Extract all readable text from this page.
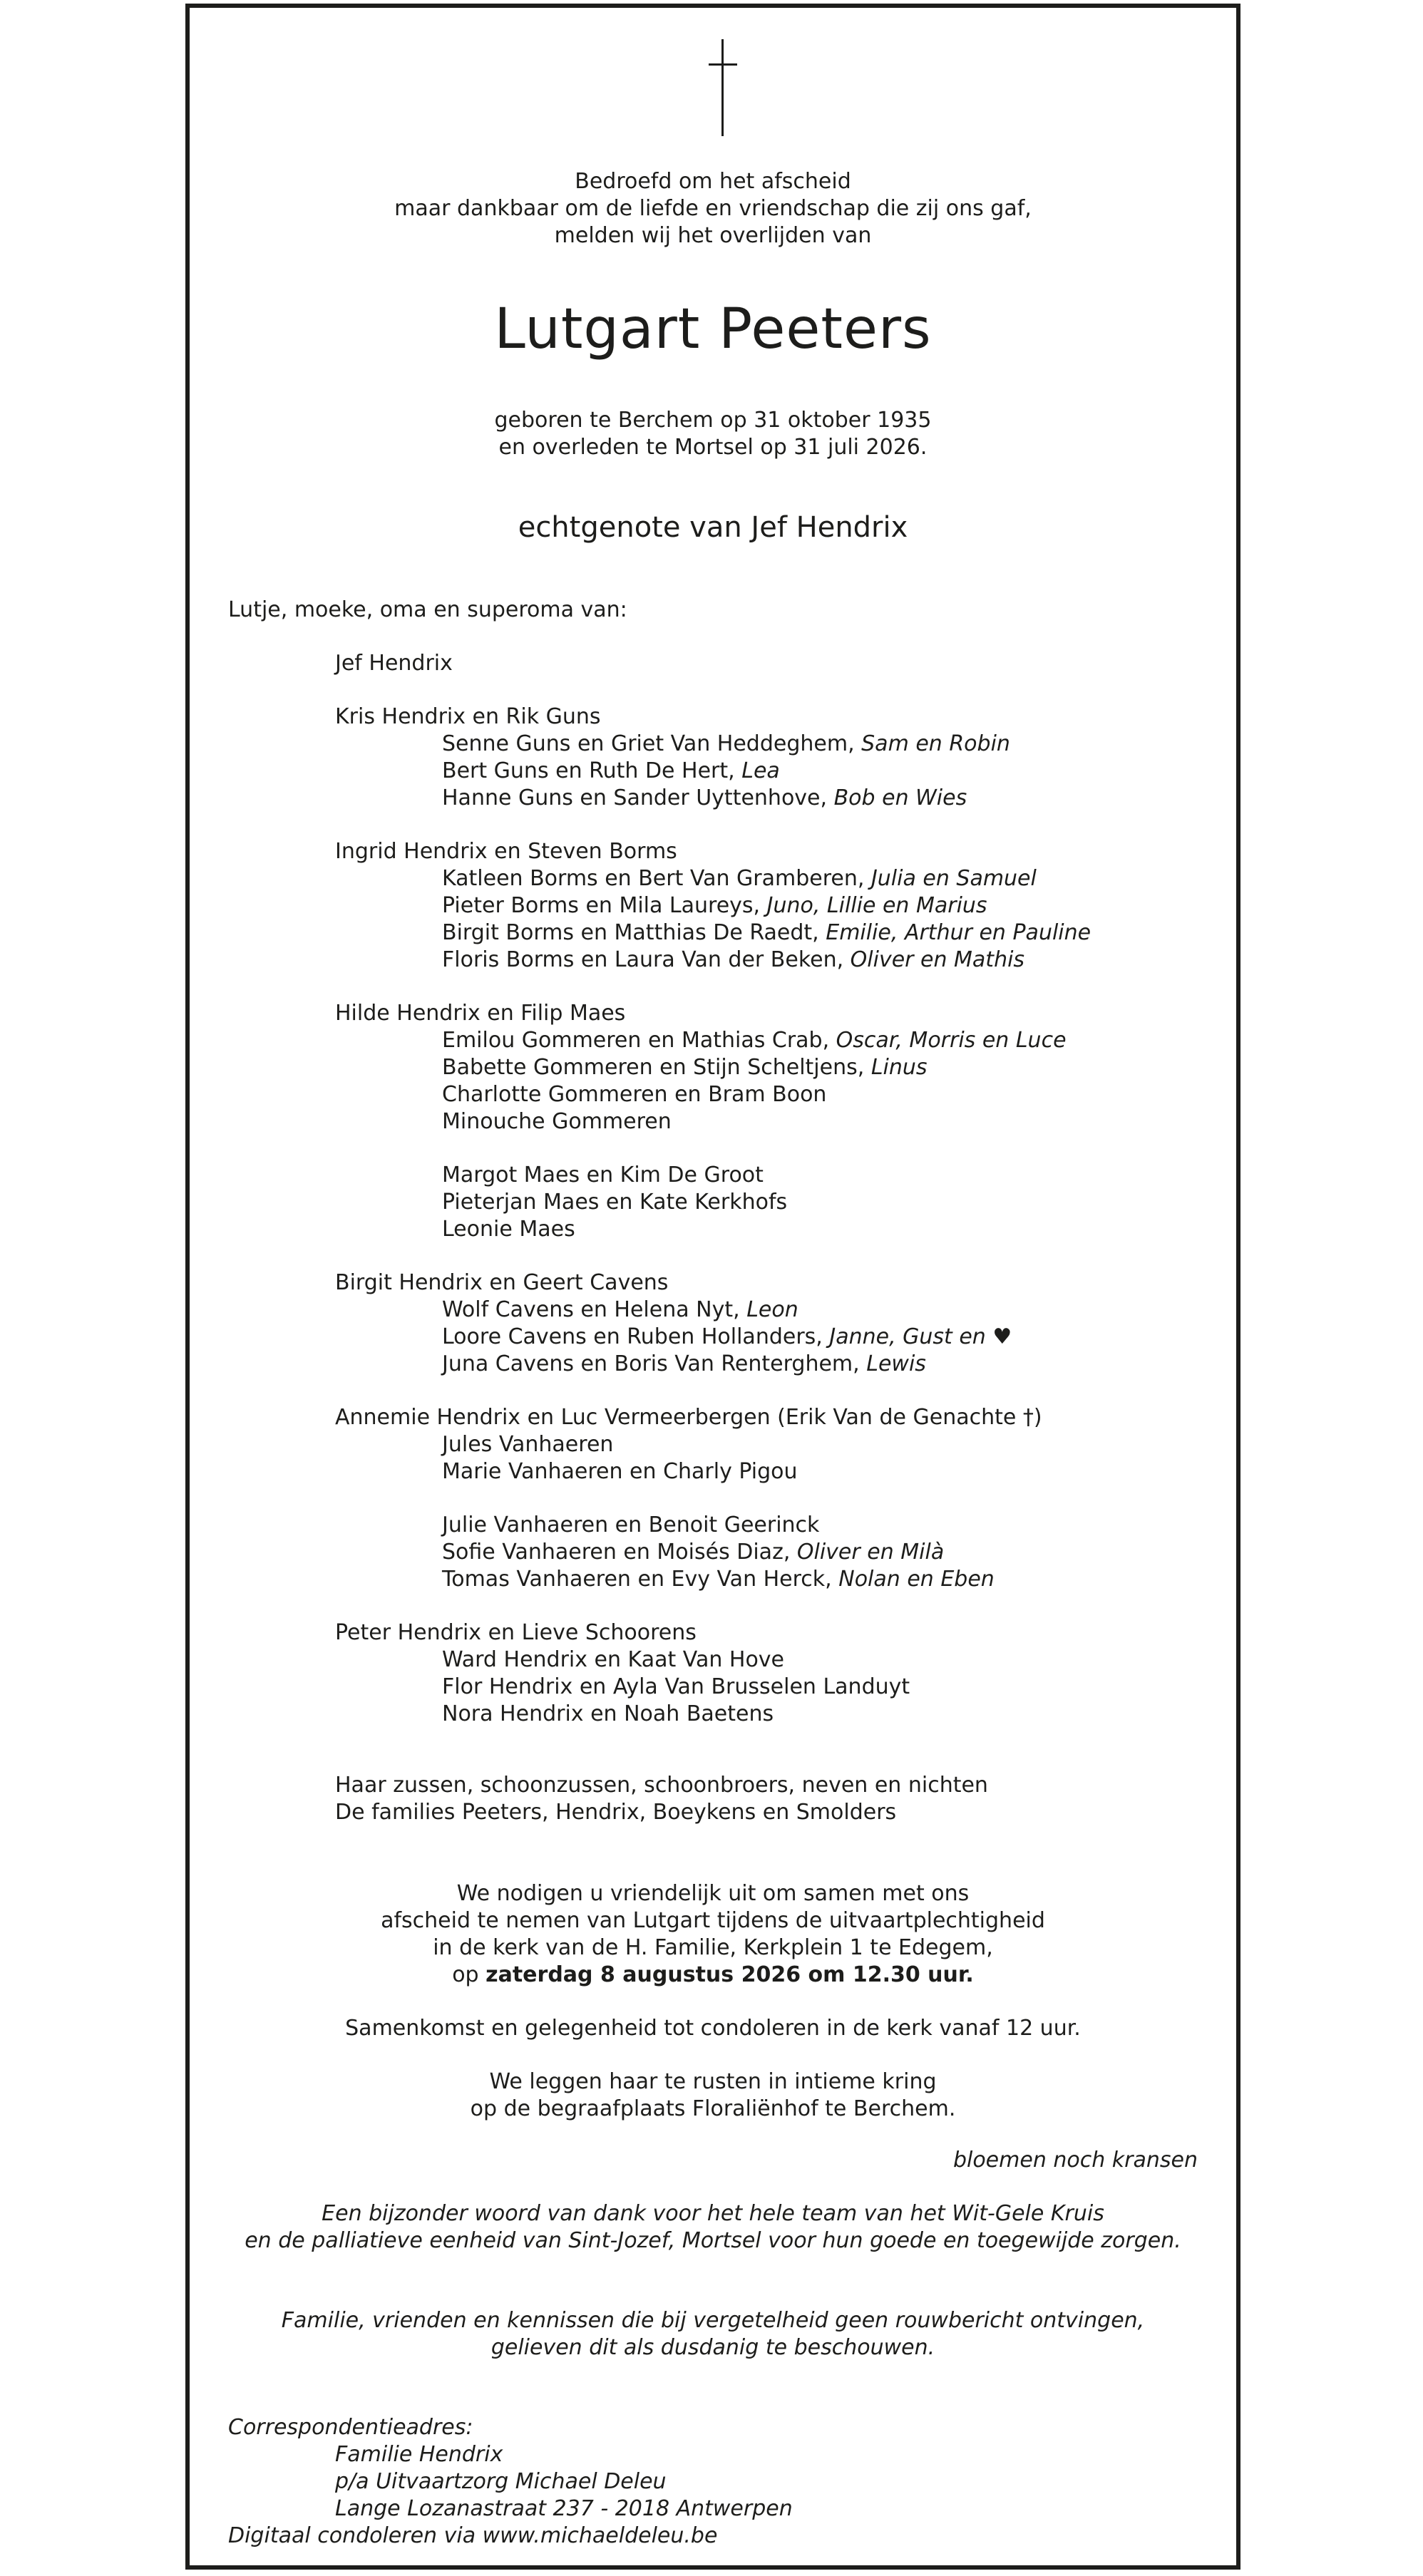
Bedroefd om het afscheid
maar dankbaar om de liefde en vriendschap die zij ons gaf,
melden wij het overlijden van
Lutgart Peeters
geboren te Berchem op 31 oktober 1935
en overleden te Mortsel op 31 juli 2026.
echtgenote van Jef Hendrix
Lutje, moeke, oma en superoma van:
Jef Hendrix
Kris Hendrix en Rik Guns
Senne Guns en Griet Van Heddeghem, Sam en Robin
Bert Guns en Ruth De Hert, Lea
Hanne Guns en Sander Uyttenhove, Bob en Wies
Ingrid Hendrix en Steven Borms
Katleen Borms en Bert Van Gramberen, Julia en Samuel
Pieter Borms en Mila Laureys, Juno, Lillie en Marius
Birgit Borms en Matthias De Raedt, Emilie, Arthur en Pauline
Floris Borms en Laura Van der Beken, Oliver en Mathis
Hilde Hendrix en Filip Maes
Emilou Gommeren en Mathias Crab, Oscar, Morris en Luce
Babette Gommeren en Stijn Scheltjens, Linus
Charlotte Gommeren en Bram Boon
Minouche Gommeren
Margot Maes en Kim De Groot
Pieterjan Maes en Kate Kerkhofs
Leonie Maes
Birgit Hendrix en Geert Cavens
Wolf Cavens en Helena Nyt, Leon
Loore Cavens en Ruben Hollanders, Janne, Gust en ♥
Juna Cavens en Boris Van Renterghem, Lewis
Annemie Hendrix en Luc Vermeerbergen (Erik Van de Genachte †)
Jules Vanhaeren
Marie Vanhaeren en Charly Pigou
Julie Vanhaeren en Benoit Geerinck
Sofie Vanhaeren en Moisés Diaz, Oliver en Milà
Tomas Vanhaeren en Evy Van Herck, Nolan en Eben
Peter Hendrix en Lieve Schoorens
Ward Hendrix en Kaat Van Hove
Flor Hendrix en Ayla Van Brusselen Landuyt
Nora Hendrix en Noah Baetens
Haar zussen, schoonzussen, schoonbroers, neven en nichten
De families Peeters, Hendrix, Boeykens en Smolders
We nodigen u vriendelijk uit om samen met ons
afscheid te nemen van Lutgart tijdens de uitvaartplechtigheid
in de kerk van de H. Familie, Kerkplein 1 te Edegem,
op zaterdag 8 augustus 2026 om 12.30 uur.
Samenkomst en gelegenheid tot condoleren in de kerk vanaf 12 uur.
We leggen haar te rusten in intieme kring
op de begraafplaats Floraliënhof te Berchem.
bloemen noch kransen
Een bijzonder woord van dank voor het hele team van het Wit-Gele Kruis
en de palliatieve eenheid van Sint-Jozef, Mortsel voor hun goede en toegewijde zorgen.
Familie, vrienden en kennissen die bij vergetelheid geen rouwbericht ontvingen,
gelieven dit als dusdanig te beschouwen.
Correspondentieadres:
Familie Hendrix
p/a Uitvaartzorg Michael Deleu
Lange Lozanastraat 237 - 2018 Antwerpen
Digitaal condoleren via www.michaeldeleu.be
